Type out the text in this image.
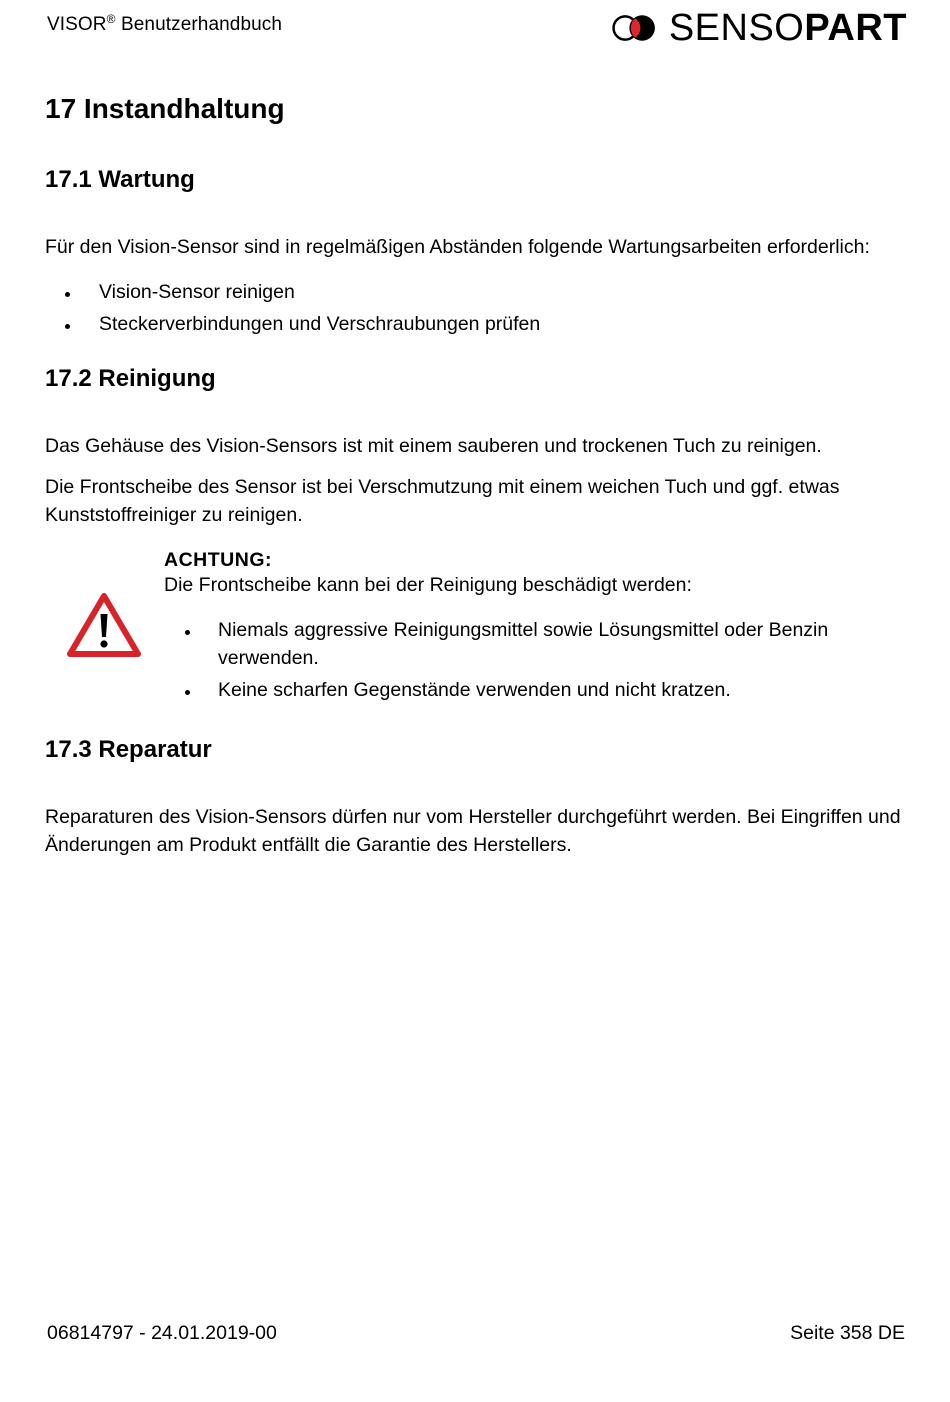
VISOR® Benutzerhandbuch	SENSOPART
17 Instandhaltung
17.1 Wartung

Für den Vision-Sensor sind in regelmäßigen Abständen folgende Wartungsarbeiten erforderlich:

Vision-Sensor reinigen
Steckerverbindungen und Verschraubungen prüfen
17.2 Reinigung

Das Gehäuse des Vision-Sensors ist mit einem sauberen und trockenen Tuch zu reinigen.

Die Frontscheibe des Sensor ist bei Verschmutzung mit einem weichen Tuch und ggf. etwas Kunststoffreiniger zu reinigen.

ACHTUNG:

Die Frontscheibe kann bei der Reinigung beschädigt werden:

Niemals aggressive Reinigungsmittel sowie Lösungsmittel oder Benzin verwenden.
Keine scharfen Gegenstände verwenden und nicht kratzen.
17.3 Reparatur

Reparaturen des Vision-Sensors dürfen nur vom Hersteller durchgeführt werden. Bei Eingriffen und Änderungen am Produkt entfällt die Garantie des Herstellers.

06814797 - 24.01.2019-00	Seite 358 DE
